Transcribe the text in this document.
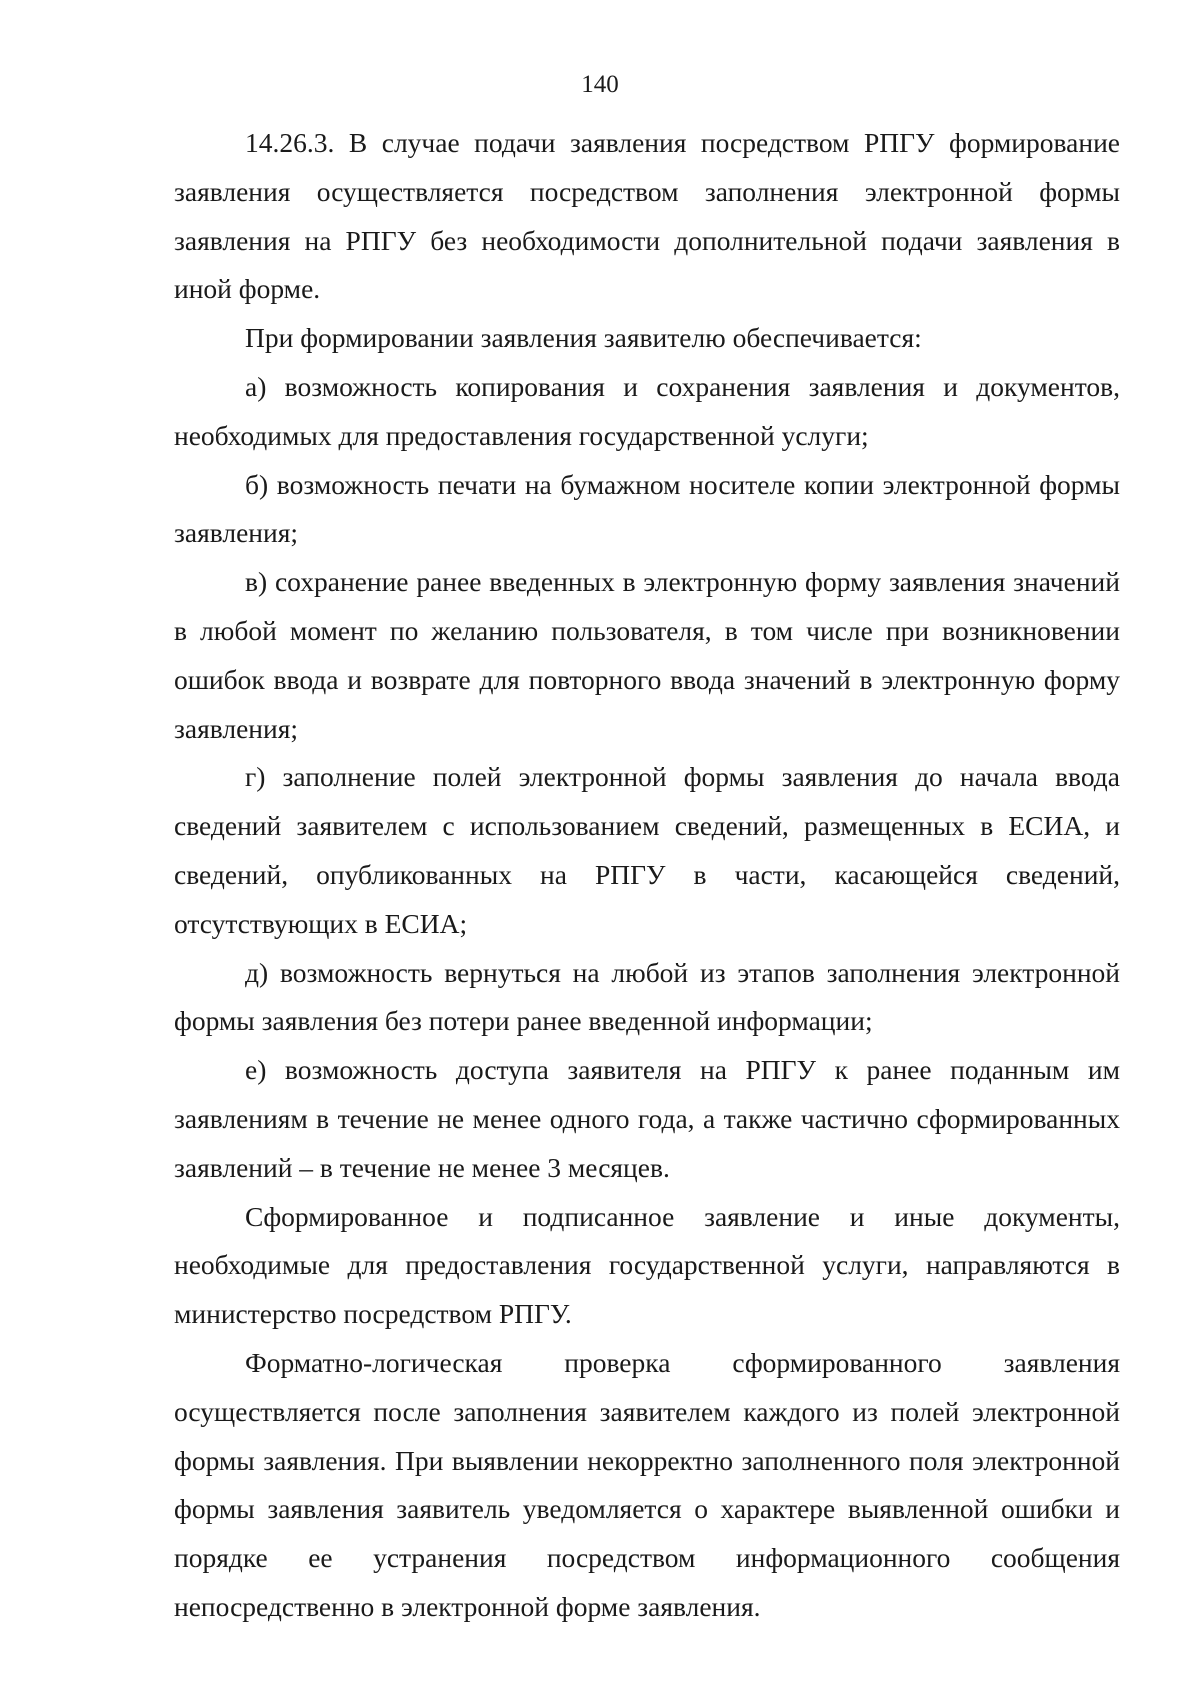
140

14.26.3. В случае подачи заявления посредством РПГУ формирование заявления осуществляется посредством заполнения электронной формы заявления на РПГУ без необходимости дополнительной подачи заявления в иной форме.

При формировании заявления заявителю обеспечивается:

а) возможность копирования и сохранения заявления и документов, необходимых для предоставления государственной услуги;

б) возможность печати на бумажном носителе копии электронной формы заявления;

в) сохранение ранее введенных в электронную форму заявления значений в любой момент по желанию пользователя, в том числе при возникновении ошибок ввода и возврате для повторного ввода значений в электронную форму заявления;

г) заполнение полей электронной формы заявления до начала ввода сведений заявителем с использованием сведений, размещенных в ЕСИА, и сведений, опубликованных на РПГУ в части, касающейся сведений, отсутствующих в ЕСИА;

д) возможность вернуться на любой из этапов заполнения электронной формы заявления без потери ранее введенной информации;

е) возможность доступа заявителя на РПГУ к ранее поданным им заявлениям в течение не менее одного года, а также частично сформированных заявлений – в течение не менее 3 месяцев.

Сформированное и подписанное заявление и иные документы, необходимые для предоставления государственной услуги, направляются в министерство посредством РПГУ.

Форматно-логическая проверка сформированного заявления осуществляется после заполнения заявителем каждого из полей электронной формы заявления. При выявлении некорректно заполненного поля электронной формы заявления заявитель уведомляется о характере выявленной ошибки и порядке ее устранения посредством информационного сообщения непосредственно в электронной форме заявления.
